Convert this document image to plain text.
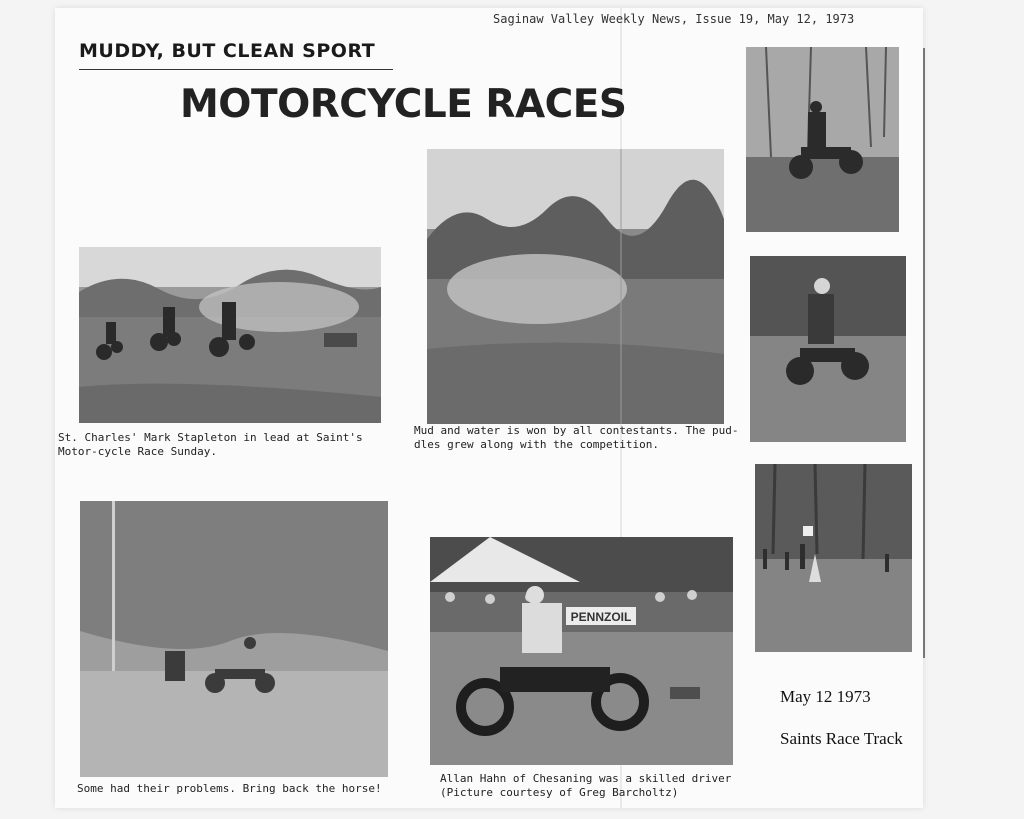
Saginaw Valley Weekly News, Issue 19, May 12, 1973
MUDDY, BUT CLEAN SPORT
MOTORCYCLE RACES
St. Charles' Mark Stapleton in lead at Saint's Motor-cycle Race Sunday.
Mud and water is won by all contestants. The pud-dles grew along with the competition.
Some had their problems. Bring back the horse!
PENNZOIL
Allan Hahn of Chesaning was a skilled driver (Picture courtesy of Greg Barcholtz)
May 12 1973
Saints Race Track
